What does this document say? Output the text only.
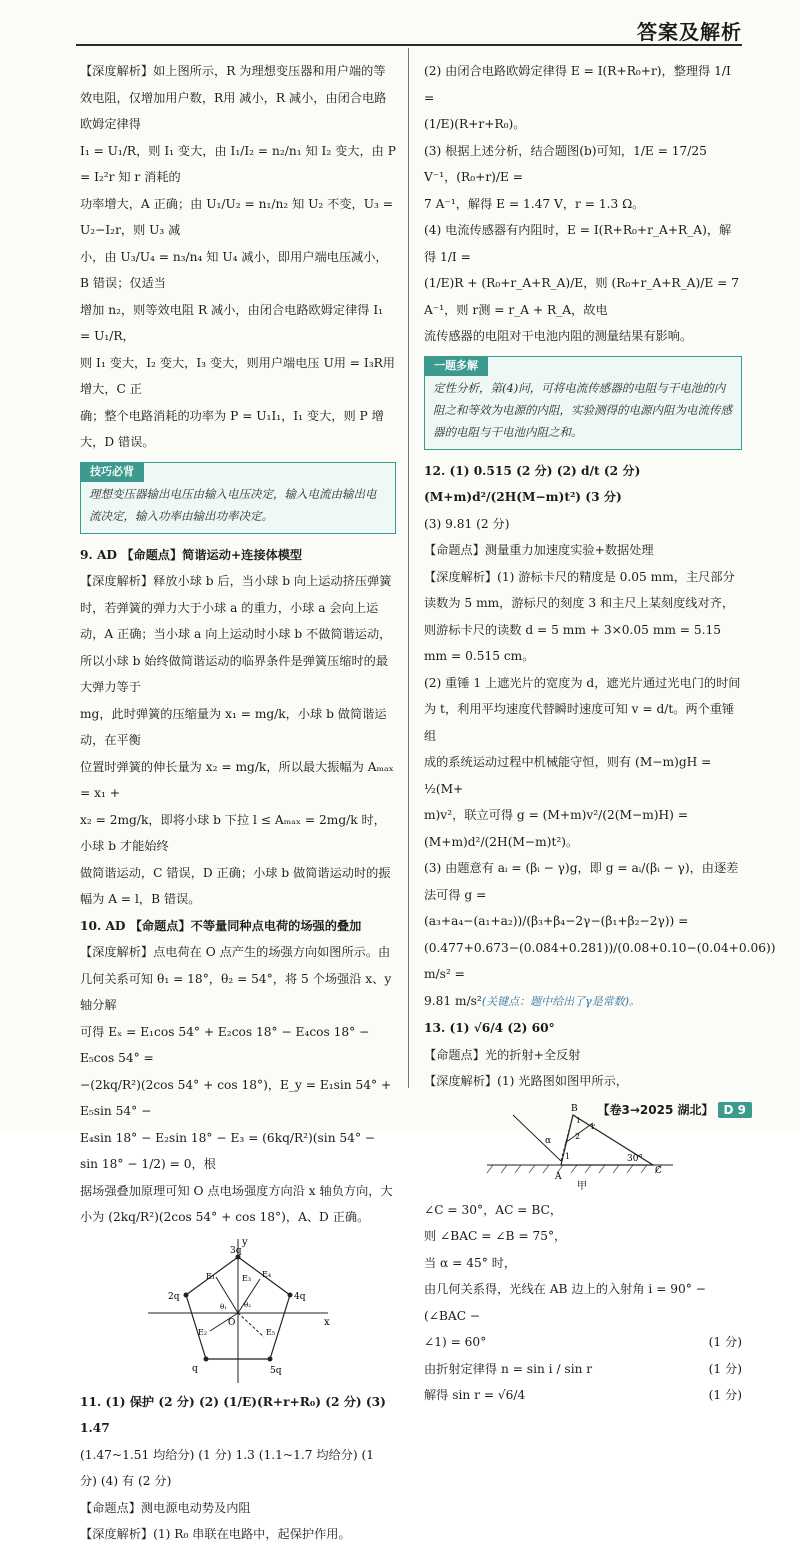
答案及解析

【深度解析】如上图所示，R 为理想变压器和用户端的等效电阻，仅增加用户数，R用 减小，R 减小，由闭合电路欧姆定律得

I₁ = U₁/R，则 I₁ 变大，由 I₁/I₂ = n₂/n₁ 知 I₂ 变大，由 P = I₂²r 知 r 消耗的

功率增大，A 正确；由 U₁/U₂ = n₁/n₂ 知 U₂ 不变，U₃ = U₂−I₂r，则 U₃ 减

小，由 U₃/U₄ = n₃/n₄ 知 U₄ 减小，即用户端电压减小，B 错误；仅适当

增加 n₂，则等效电阻 R 减小，由闭合电路欧姆定律得 I₁ = U₁/R，

则 I₁ 变大，I₂ 变大，I₃ 变大，则用户端电压 U用 = I₃R用 增大，C 正

确；整个电路消耗的功率为 P = U₁I₁，I₁ 变大，则 P 增大，D 错误。

技巧必背
理想变压器输出电压由输入电压决定，输入电流由输出电流决定，输入功率由输出功率决定。

9. AD 【命题点】简谐运动+连接体模型

【深度解析】释放小球 b 后，当小球 b 向上运动挤压弹簧时，若弹簧的弹力大于小球 a 的重力，小球 a 会向上运动，A 正确；当小球 a 向上运动时小球 b 不做简谐运动，所以小球 b 始终做简谐运动的临界条件是弹簧压缩时的最大弹力等于

mg，此时弹簧的压缩量为 x₁ = mg/k，小球 b 做简谐运动，在平衡

位置时弹簧的伸长量为 x₂ = mg/k，所以最大振幅为 Aₘₐₓ = x₁ +

x₂ = 2mg/k，即将小球 b 下拉 l ≤ Aₘₐₓ = 2mg/k 时，小球 b 才能始终

做简谐运动，C 错误，D 正确；小球 b 做简谐运动时的振幅为 A = l，B 错误。

10. AD 【命题点】不等量同种点电荷的场强的叠加

【深度解析】点电荷在 O 点产生的场强方向如图所示。由几何关系可知 θ₁ = 18°，θ₂ = 54°，将 5 个场强沿 x、y 轴分解

可得 Eₓ = E₁cos 54° + E₂cos 18° − E₄cos 18° − E₅cos 54° =

−(2kq/R²)(2cos 54° + cos 18°)，E_y = E₁sin 54° + E₅sin 54° −

E₄sin 18° − E₂sin 18° − E₃ = (6kq/R²)(sin 54° − sin 18° − 1/2) = 0，根

据场强叠加原理可知 O 点电场强度方向沿 x 轴负方向，大

小为 (2kq/R²)(2cos 54° + cos 18°)，A、D 正确。

y
x
O
3q
2q	4q
q	5q
E₁
E₂
E₃ E₄
E₅
θ₁ θ₂

11. (1) 保护 (2 分) (2) (1/E)(R+r+R₀) (2 分) (3) 1.47

(1.47~1.51 均给分) (1 分) 1.3 (1.1~1.7 均给分) (1

分) (4) 有 (2 分)

【命题点】测电源电动势及内阻

【深度解析】(1) R₀ 串联在电路中，起保护作用。

(2) 由闭合电路欧姆定律得 E = I(R+R₀+r)，整理得 1/I =

(1/E)(R+r+R₀)。

(3) 根据上述分析，结合题图(b)可知，1/E = 17/25 V⁻¹，(R₀+r)/E =

7 A⁻¹，解得 E = 1.47 V，r = 1.3 Ω。

(4) 电流传感器有内阻时，E = I(R+R₀+r_A+R_A)，解得 1/I =

(1/E)R + (R₀+r_A+R_A)/E，则 (R₀+r_A+R_A)/E = 7 A⁻¹，则 r测 = r_A + R_A，故电

流传感器的电阻对干电池内阻的测量结果有影响。

一题多解
定性分析，第(4)问，可将电流传感器的电阻与干电池的内阻之和等效为电源的内阻，实验测得的电源内阻为电流传感器的电阻与干电池内阻之和。

12. (1) 0.515 (2 分) (2) d/t (2 分) (M+m)d²/(2H(M−m)t²) (3 分)

(3) 9.81 (2 分)

【命题点】测量重力加速度实验+数据处理

【深度解析】(1) 游标卡尺的精度是 0.05 mm，主尺部分读数为 5 mm，游标尺的刻度 3 和主尺上某刻度线对齐，则游标卡尺的读数 d = 5 mm + 3×0.05 mm = 5.15 mm = 0.515 cm。

(2) 重锤 1 上遮光片的宽度为 d，遮光片通过光电门的时间

为 t，利用平均速度代替瞬时速度可知 v = d/t。两个重锤组

成的系统运动过程中机械能守恒，则有 (M−m)gH = ½(M+

m)v²，联立可得 g = (M+m)v²/(2(M−m)H) = (M+m)d²/(2H(M−m)t²)。

(3) 由题意有 aᵢ = (βᵢ − γ)g，即 g = aᵢ/(βᵢ − γ)，由逐差法可得 g =

(a₃+a₄−(a₁+a₂))/(β₃+β₄−2γ−(β₁+β₂−2γ)) = (0.477+0.673−(0.084+0.281))/(0.08+0.10−(0.04+0.06)) m/s² =

9.81 m/s²(关键点：题中给出了γ是常数)。

13. (1) √6/4 (2) 60°

【命题点】光的折射+全反射

【深度解析】(1) 光路图如图甲所示，

α
A
B
C
i
1
2
r
30°
甲

∠C = 30°，AC = BC，

则 ∠BAC = ∠B = 75°，

当 α = 45° 时，

由几何关系得，光线在 AB 边上的入射角 i = 90° − (∠BAC −

∠1) = 60°	(1 分)

由折射定律得 n = sin i / sin r	(1 分)

解得 sin r = √6/4	(1 分)

【卷3→2025 湖北】 D 9
